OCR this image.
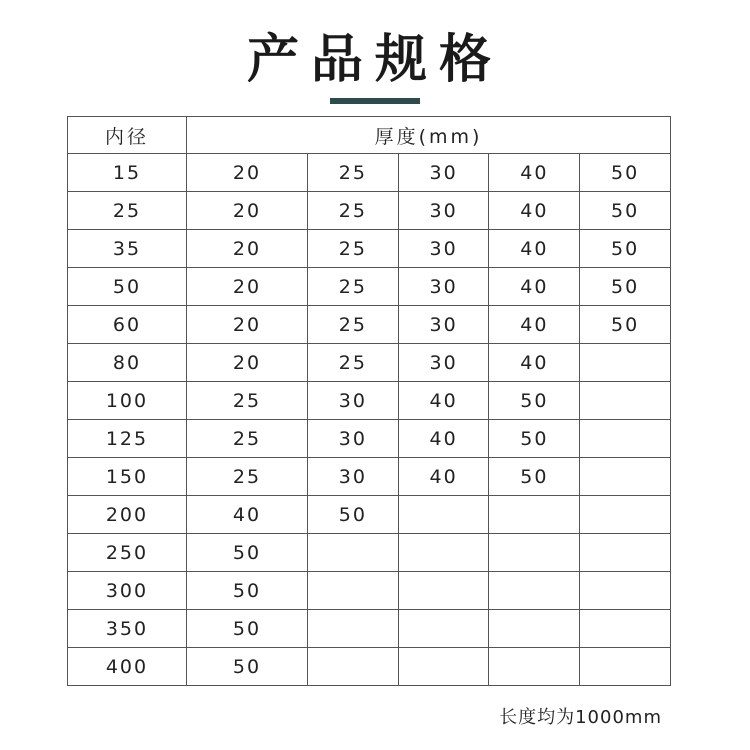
产品规格
内径	厚度(mm)				
15	20	25	30	40	50
25	20	25	30	40	50
35	20	25	30	40	50
50	20	25	30	40	50
60	20	25	30	40	50
80	20	25	30	40	
100	25	30	40	50	
125	25	30	40	50	
150	25	30	40	50	
200	40	50			
250	50				
300	50				
350	50				
400	50				
长度均为1000mm
